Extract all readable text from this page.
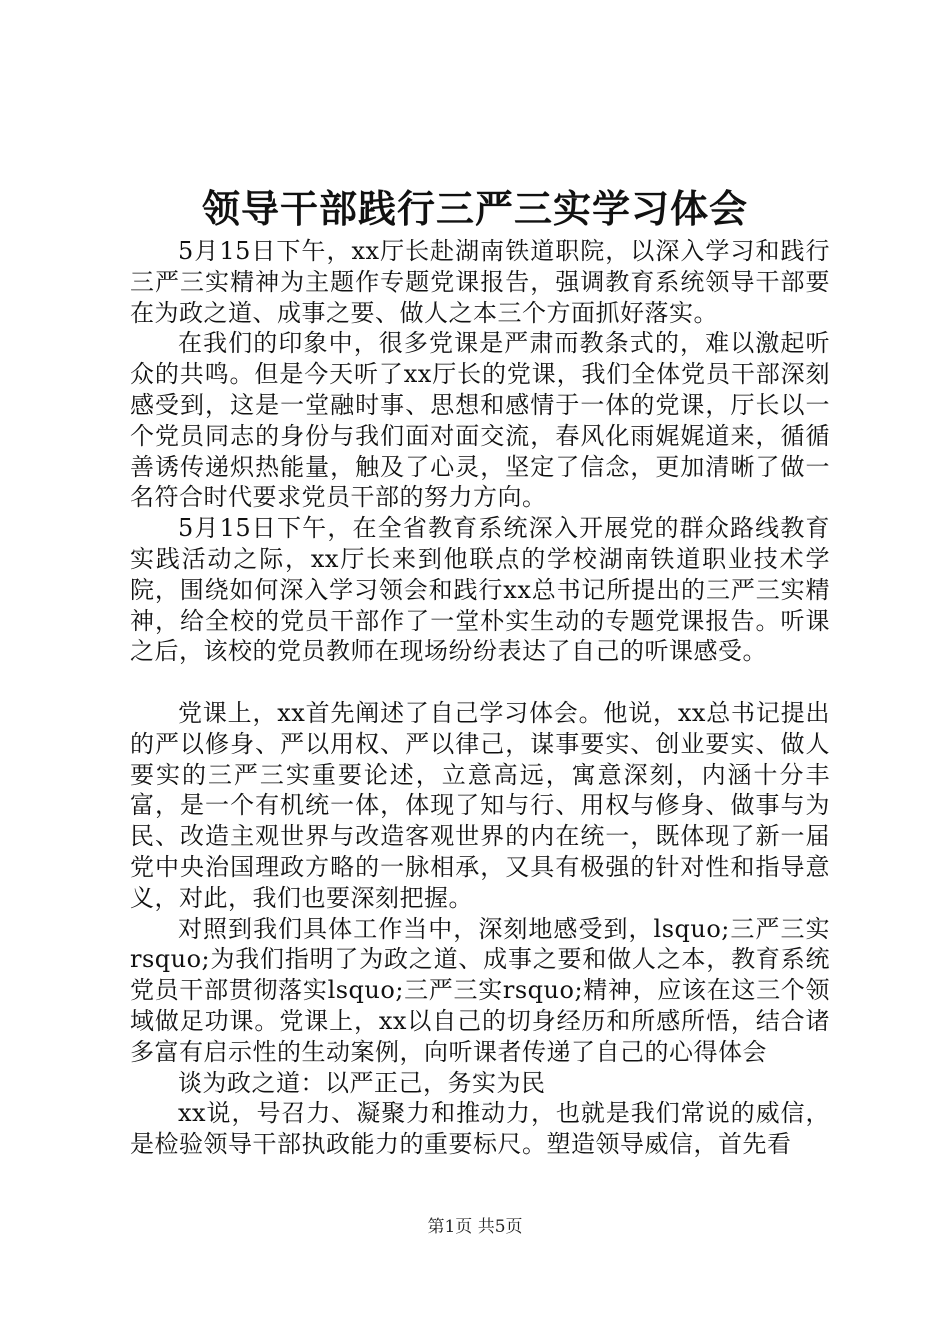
领导干部践行三严三实学习体会

5月15日下午，xx厅长赴湖南铁道职院，以深入学习和践行三严三实精神为主题作专题党课报告，强调教育系统领导干部要在为政之道、成事之要、做人之本三个方面抓好落实。

在我们的印象中，很多党课是严肃而教条式的，难以激起听众的共鸣。但是今天听了xx厅长的党课，我们全体党员干部深刻感受到，这是一堂融时事、思想和感情于一体的党课，厅长以一个党员同志的身份与我们面对面交流，春风化雨娓娓道来，循循善诱传递炽热能量，触及了心灵，坚定了信念，更加清晰了做一名符合时代要求党员干部的努力方向。

5月15日下午，在全省教育系统深入开展党的群众路线教育实践活动之际，xx厅长来到他联点的学校湖南铁道职业技术学院，围绕如何深入学习领会和践行xx总书记所提出的三严三实精神，给全校的党员干部作了一堂朴实生动的专题党课报告。听课之后，该校的党员教师在现场纷纷表达了自己的听课感受。

党课上，xx首先阐述了自己学习体会。他说，xx总书记提出的严以修身、严以用权、严以律己，谋事要实、创业要实、做人要实的三严三实重要论述，立意高远，寓意深刻，内涵十分丰富，是一个有机统一体，体现了知与行、用权与修身、做事与为民、改造主观世界与改造客观世界的内在统一，既体现了新一届党中央治国理政方略的一脉相承，又具有极强的针对性和指导意义，对此，我们也要深刻把握。

对照到我们具体工作当中，深刻地感受到，lsquo;三严三实rsquo;为我们指明了为政之道、成事之要和做人之本，教育系统党员干部贯彻落实lsquo;三严三实rsquo;精神，应该在这三个领域做足功课。党课上，xx以自己的切身经历和所感所悟，结合诸多富有启示性的生动案例，向听课者传递了自己的心得体会

谈为政之道：以严正己，务实为民

xx说，号召力、凝聚力和推动力，也就是我们常说的威信，是检验领导干部执政能力的重要标尺。塑造领导威信，首先看

第1页 共5页
